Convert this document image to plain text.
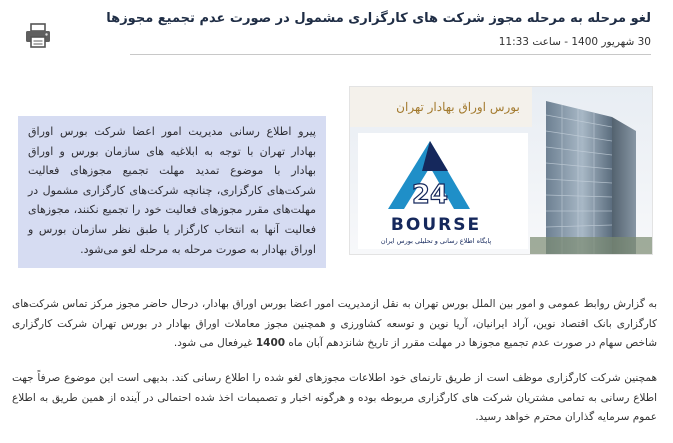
لغو مرحله به مرحله مجوز شرکت های کارگزاری مشمول در صورت عدم تجمیع مجوزها
30 شهریور 1400 - ساعت 11:33
بورس اوراق بهادار تهران
24
BOURSE
پایگاه اطلاع رسانی و تحلیلی بورس ایران
پیرو اطلاع رسانی مدیریت امور اعضا شرکت بورس اوراق بهادار تهران با توجه به ابلاغیه های سازمان بورس و اوراق بهادار با موضوع تمدید مهلت تجمیع مجوزهای فعالیت شرکت‌های کارگزاری، چنانچه شرکت‌های کارگزاری مشمول در مهلت‌های مقرر مجوزهای فعالیت خود را تجمیع نکنند، مجوزهای فعالیت آنها به انتخاب کارگزار یا طبق نظر سازمان بورس و اوراق بهادار به صورت مرحله به مرحله لغو می‌شود.
به گزارش روابط عمومی و امور بین الملل بورس تهران به نقل ازمدیریت امور اعضا بورس اوراق بهادار، درحال حاضر مجوز مرکز تماس شرکت‌های کارگزاری بانک اقتصاد نوین، آراد ایرانیان، آریا نوین و توسعه کشاورزی و همچنین مجوز معاملات اوراق بهادار در بورس تهران شرکت کارگزاری شاخص سهام در صورت عدم تجمیع مجوزها در مهلت مقرر از تاریخ شانزدهم آبان ماه 1400 غیرفعال می شود.
همچنین شرکت کارگزاری موظف است از طریق تارنمای خود اطلاعات مجوزهای لغو شده را اطلاع رسانی کند. بدیهی است این موضوع صرفاً جهت اطلاع رسانی به تمامی مشتریان شرکت های کارگزاری مربوطه بوده و هرگونه اخبار و تصمیمات اخذ شده احتمالی در آینده از همین طریق به اطلاع عموم سرمایه گذاران محترم خواهد رسید.
